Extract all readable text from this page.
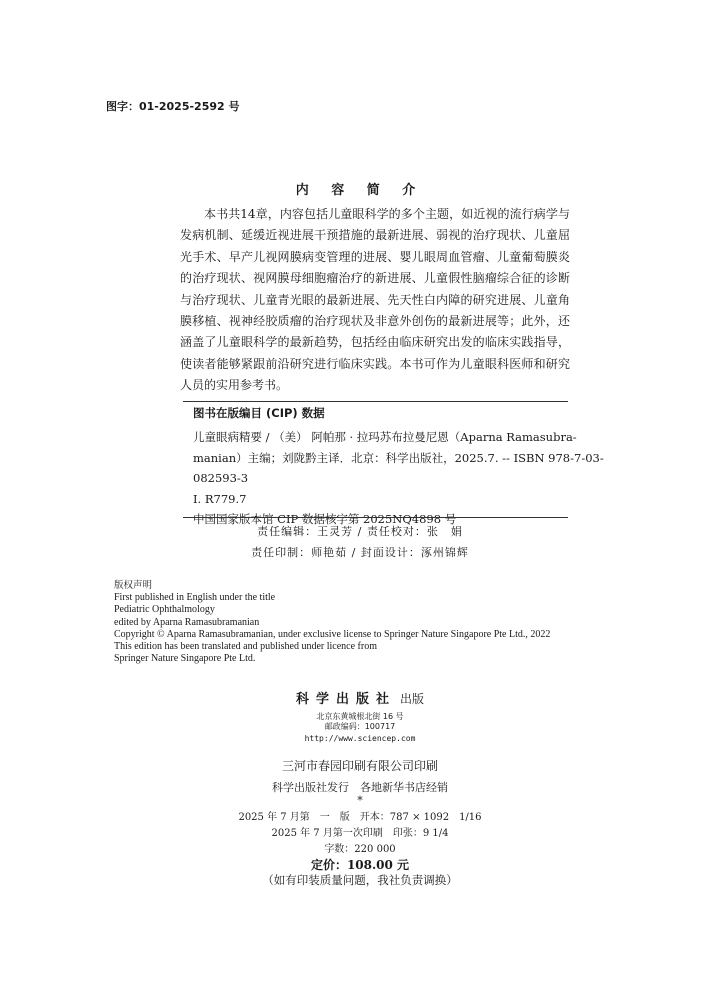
图字：01-2025-2592 号
内 容 简 介
本书共14章，内容包括儿童眼科学的多个主题，如近视的流行病学与
发病机制、延缓近视进展干预措施的最新进展、弱视的治疗现状、儿童屈
光手术、早产儿视网膜病变管理的进展、婴儿眼周血管瘤、儿童葡萄膜炎
的治疗现状、视网膜母细胞瘤治疗的新进展、儿童假性脑瘤综合征的诊断
与治疗现状、儿童青光眼的最新进展、先天性白内障的研究进展、儿童角
膜移植、视神经胶质瘤的治疗现状及非意外创伤的最新进展等；此外，还
涵盖了儿童眼科学的最新趋势，包括经由临床研究出发的临床实践指导，
使读者能够紧跟前沿研究进行临床实践。本书可作为儿童眼科医师和研究
人员的实用参考书。
图书在版编目 (CIP) 数据
儿童眼病精要 / （美） 阿帕那 · 拉玛苏布拉曼尼恩（Aparna Ramasubra-
manian）主编；刘陇黔主译．北京：科学出版社，2025.7. -- ISBN 978-7-03-
082593-3
Ⅰ. R779.7
中国国家版本馆 CIP 数据核字第 2025NQ4898 号
责任编辑：王灵芳 / 责任校对：张　娟
责任印制：师艳茹 / 封面设计：涿州锦辉
版权声明
First published in English under the title
Pediatric Ophthalmology
edited by Aparna Ramasubramanian
Copyright © Aparna Ramasubramanian, under exclusive license to Springer Nature Singapore Pte Ltd., 2022
This edition has been translated and published under licence from
Springer Nature Singapore Pte Ltd.
科学出版社 出版
北京东黄城根北街 16 号
邮政编码：100717
http://www.sciencep.com
三河市春园印刷有限公司印刷
科学出版社发行　各地新华书店经销
*
2025 年 7 月第　一　版　开本：787 × 1092　1/16
2025 年 7 月第一次印刷　印张：9 1/4
字数：220 000
定价：108.00 元
（如有印装质量问题，我社负责调换）
